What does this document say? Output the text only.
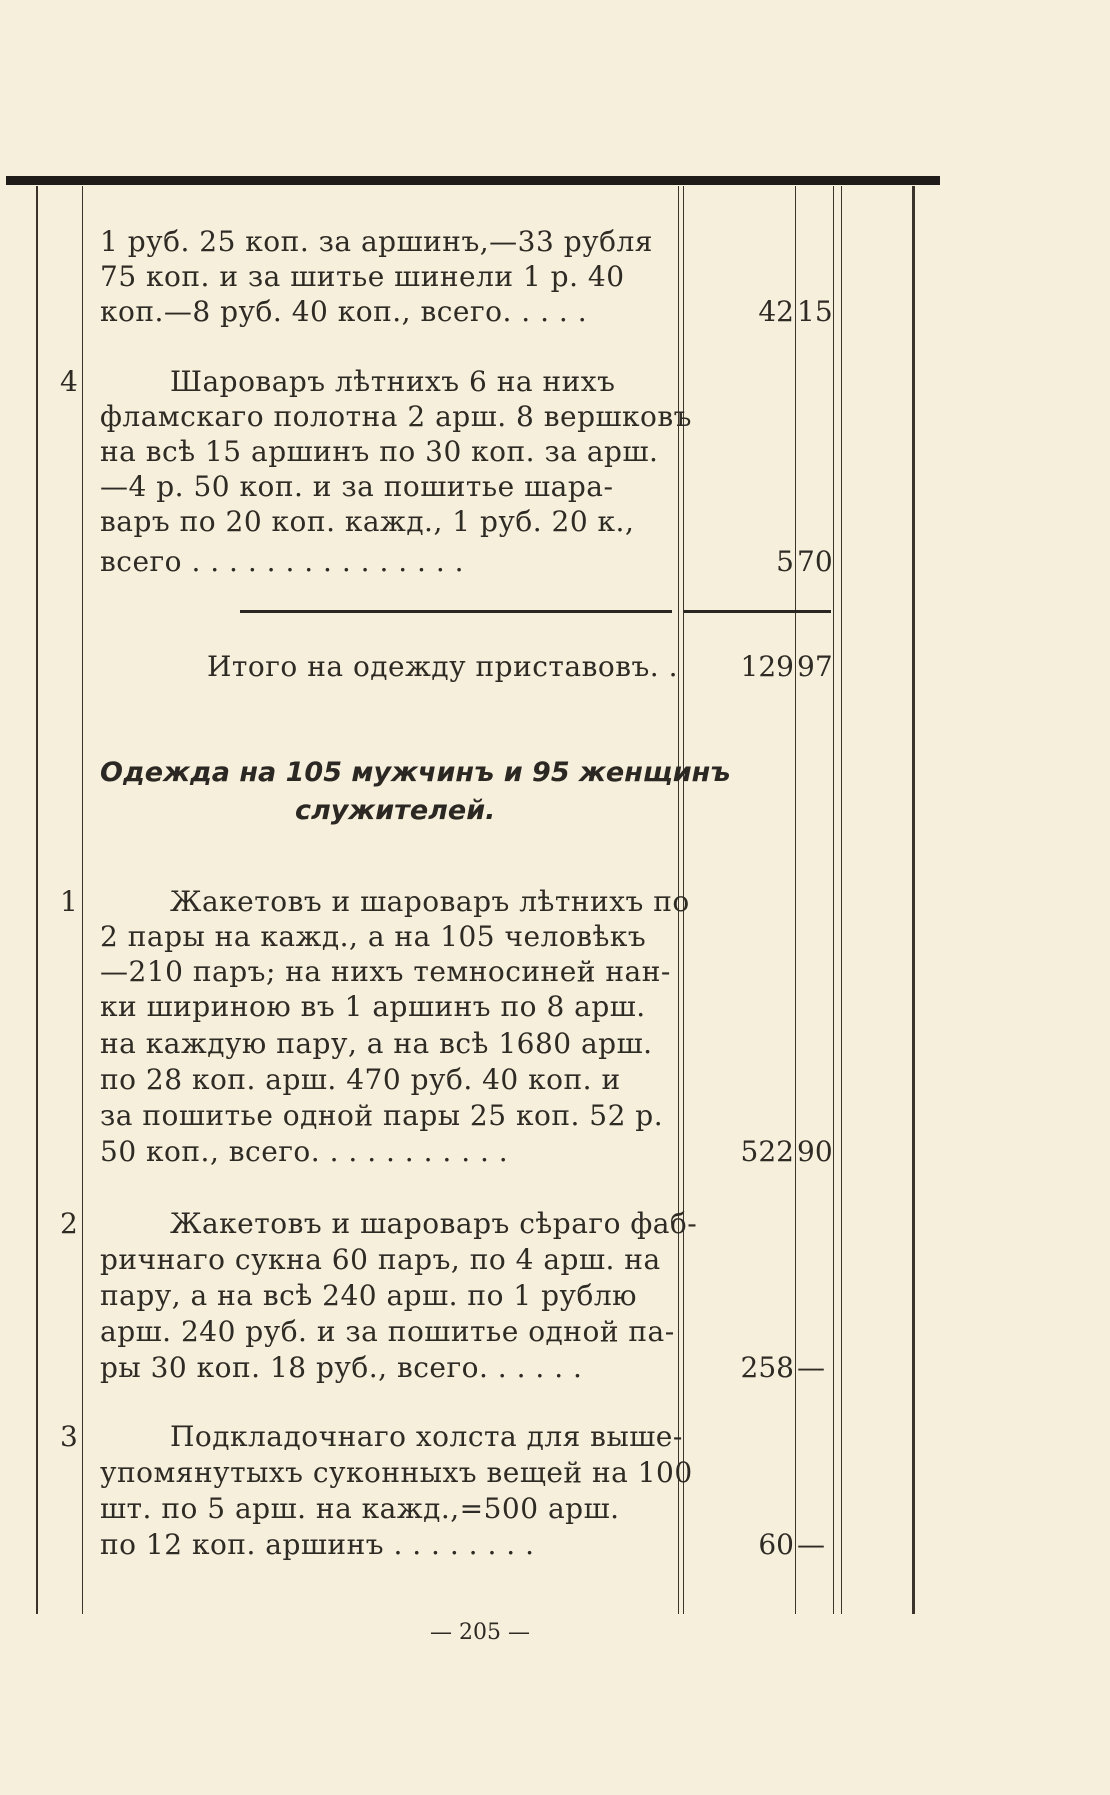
1 руб. 25 коп. за аршинъ,—33 рубля
75 коп. и за шитье шинели 1 р. 40
коп.—8 руб. 40 коп., всего. . . . .	42 15
4	Шароваръ лѣтнихъ 6 на нихъ
фламскаго полотна 2 арш. 8 вершковъ
на всѣ 15 аршинъ по 30 коп. за арш.
—4 р. 50 коп. и за пошитье шара-
варъ по 20 коп. кажд., 1 руб. 20 к.,
всего . . . . . . . . . . . . . . .	5 70
Итого на одежду приставовъ. .	129 97
Одежда на 105 мужчинъ и 95 женщинъ
служителей.
1	Жакетовъ и шароваръ лѣтнихъ по
2 пары на кажд., а на 105 человѣкъ
—210 паръ; на нихъ темносиней нан-
ки шириною въ 1 аршинъ по 8 арш.
на каждую пару, а на всѣ 1680 арш.
по 28 коп. арш. 470 руб. 40 коп. и
за пошитье одной пары 25 коп. 52 р.
50 коп., всего. . . . . . . . . . .	522 90
2	Жакетовъ и шароваръ сѣраго фаб-
ричнаго сукна 60 паръ, по 4 арш. на
пару, а на всѣ 240 арш. по 1 рублю
арш. 240 руб. и за пошитье одной па-
ры 30 коп. 18 руб., всего. . . . . .	258 —
3	Подкладочнаго холста для выше-
упомянутыхъ суконныхъ вещей на 100
шт. по 5 арш. на кажд.,=500 арш.
по 12 коп. аршинъ . . . . . . . .	60 —
— 205 —
